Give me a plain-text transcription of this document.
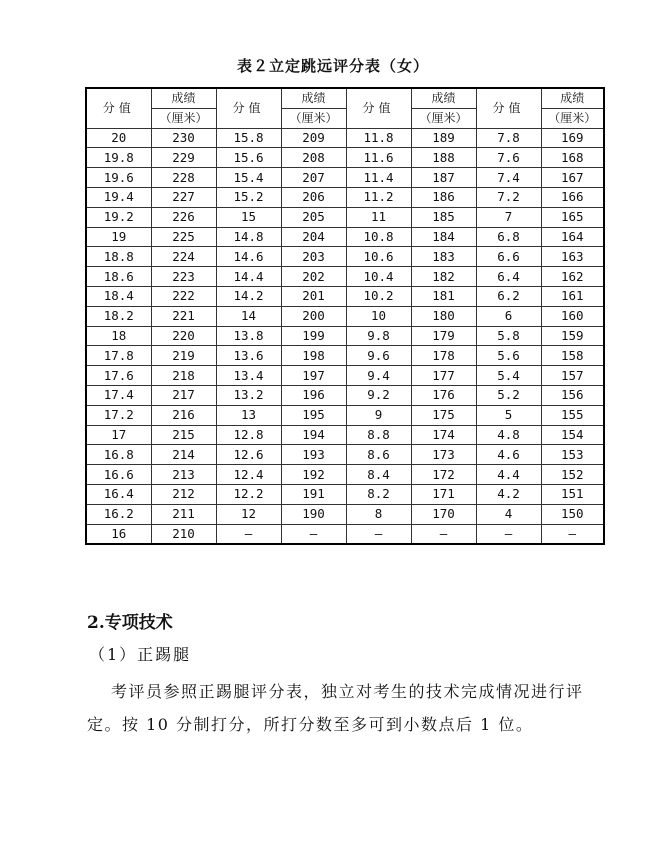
表２立定跳远评分表（女）
分值	成绩	分值	成绩	分值	成绩	分值	成绩
	（厘米）		（厘米）		（厘米）		（厘米）
20	230	15.8	209	11.8	189	7.8	169
19.8	229	15.6	208	11.6	188	7.6	168
19.6	228	15.4	207	11.4	187	7.4	167
19.4	227	15.2	206	11.2	186	7.2	166
19.2	226	15	205	11	185	7	165
19	225	14.8	204	10.8	184	6.8	164
18.8	224	14.6	203	10.6	183	6.6	163
18.6	223	14.4	202	10.4	182	6.4	162
18.4	222	14.2	201	10.2	181	6.2	161
18.2	221	14	200	10	180	6	160
18	220	13.8	199	9.8	179	5.8	159
17.8	219	13.6	198	9.6	178	5.6	158
17.6	218	13.4	197	9.4	177	5.4	157
17.4	217	13.2	196	9.2	176	5.2	156
17.2	216	13	195	9	175	5	155
17	215	12.8	194	8.8	174	4.8	154
16.8	214	12.6	193	8.6	173	4.6	153
16.6	213	12.4	192	8.4	172	4.4	152
16.4	212	12.2	191	8.2	171	4.2	151
16.2	211	12	190	8	170	4	150
16	210	—	—	—	—	—	—
2.专项技术
（1）正踢腿
考评员参照正踢腿评分表，独立对考生的技术完成情况进行评定。按 10 分制打分，所打分数至多可到小数点后 1 位。
